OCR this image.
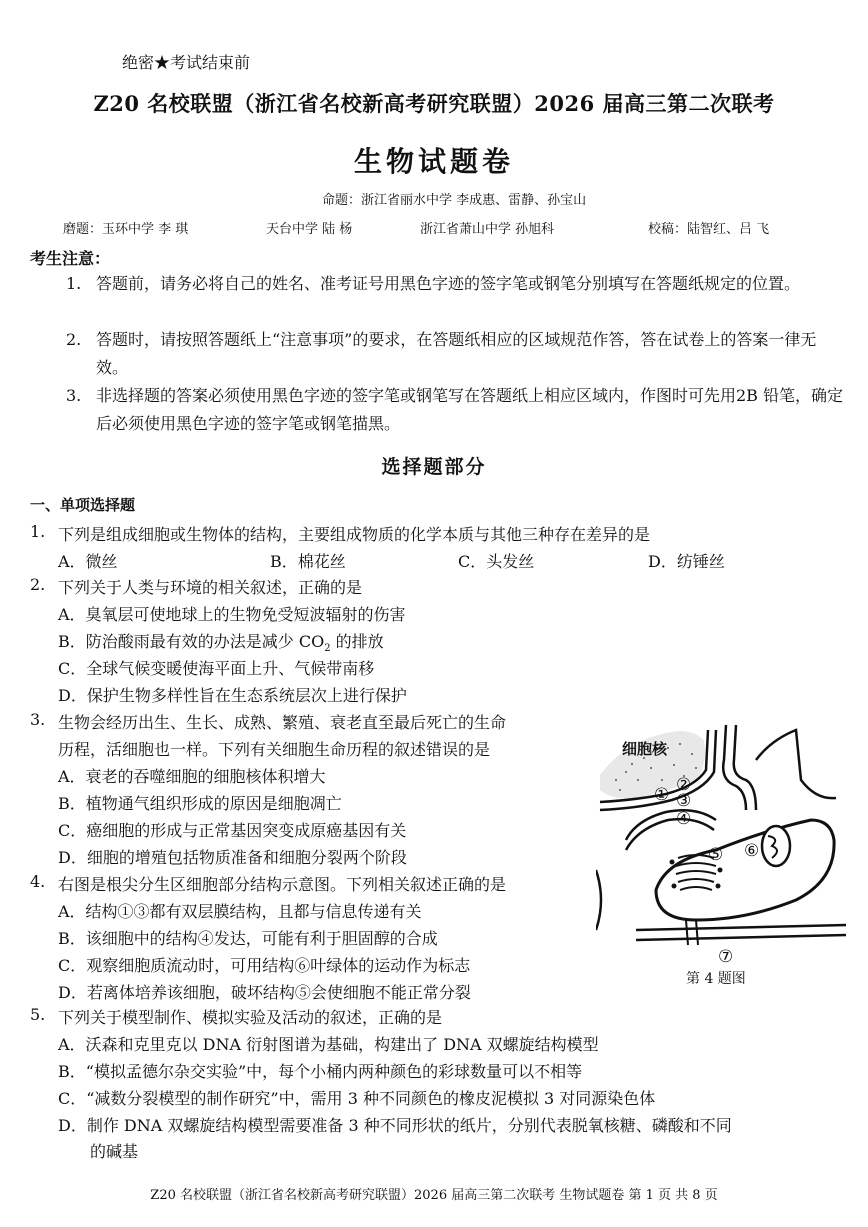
绝密★考试结束前
Z20 名校联盟（浙江省名校新高考研究联盟）2026 届高三第二次联考
生物试题卷
命题：浙江省丽水中学 李成惠、雷静、孙宝山
磨题：玉环中学 李 琪	天台中学 陆 杨	浙江省萧山中学 孙旭科	校稿：陆智红、吕 飞
考生注意：
1. 答题前，请务必将自己的姓名、准考证号用黑色字迹的签字笔或钢笔分别填写在答题纸规定的位置。
2. 答题时，请按照答题纸上“注意事项”的要求，在答题纸相应的区域规范作答，答在试卷上的答案一律无效。
3. 非选择题的答案必须使用黑色字迹的签字笔或钢笔写在答题纸上相应区域内，作图时可先用2B 铅笔，确定后必须使用黑色字迹的签字笔或钢笔描黑。
选择题部分
一、单项选择题
1. 下列是组成细胞或生物体的结构，主要组成物质的化学本质与其他三种存在差异的是
A．微丝	B．棉花丝	C．头发丝	D．纺锤丝
2. 下列关于人类与环境的相关叙述，正确的是
A．臭氧层可使地球上的生物免受短波辐射的伤害
B．防治酸雨最有效的办法是减少 $CO_2$ 的排放
C．全球气候变暖使海平面上升、气候带南移
D．保护生物多样性旨在生态系统层次上进行保护
3. 生物会经历出生、生长、成熟、繁殖、衰老直至最后死亡的生命
历程，活细胞也一样。下列有关细胞生命历程的叙述错误的是
A．衰老的吞噬细胞的细胞核体积增大
B．植物通气组织形成的原因是细胞凋亡
C．癌细胞的形成与正常基因突变成原癌基因有关
D．细胞的增殖包括物质准备和细胞分裂两个阶段
4. 右图是根尖分生区细胞部分结构示意图。下列相关叙述正确的是
A．结构①③都有双层膜结构，且都与信息传递有关
B．该细胞中的结构④发达，可能有利于胆固醇的合成
C．观察细胞质流动时，可用结构⑥叶绿体的运动作为标志
D．若离体培养该细胞，破坏结构⑤会使细胞不能正常分裂
5. 下列关于模型制作、模拟实验及活动的叙述，正确的是
A．沃森和克里克以 DNA 衍射图谱为基础，构建出了 DNA 双螺旋结构模型
B．“模拟孟德尔杂交实验”中，每个小桶内两种颜色的彩球数量可以不相等
C．“减数分裂模型的制作研究”中，需用 3 种不同颜色的橡皮泥模拟 3 对同源染色体
D．制作 DNA 双螺旋结构模型需要准备 3 种不同形状的纸片，分别代表脱氧核糖、磷酸和不同
的碱基
① ②
③
④
⑤ ⑥
⑦
细胞核
第 4 题图
Z20 名校联盟（浙江省名校新高考研究联盟）2026 届高三第二次联考 生物试题卷 第 1 页 共 8 页
